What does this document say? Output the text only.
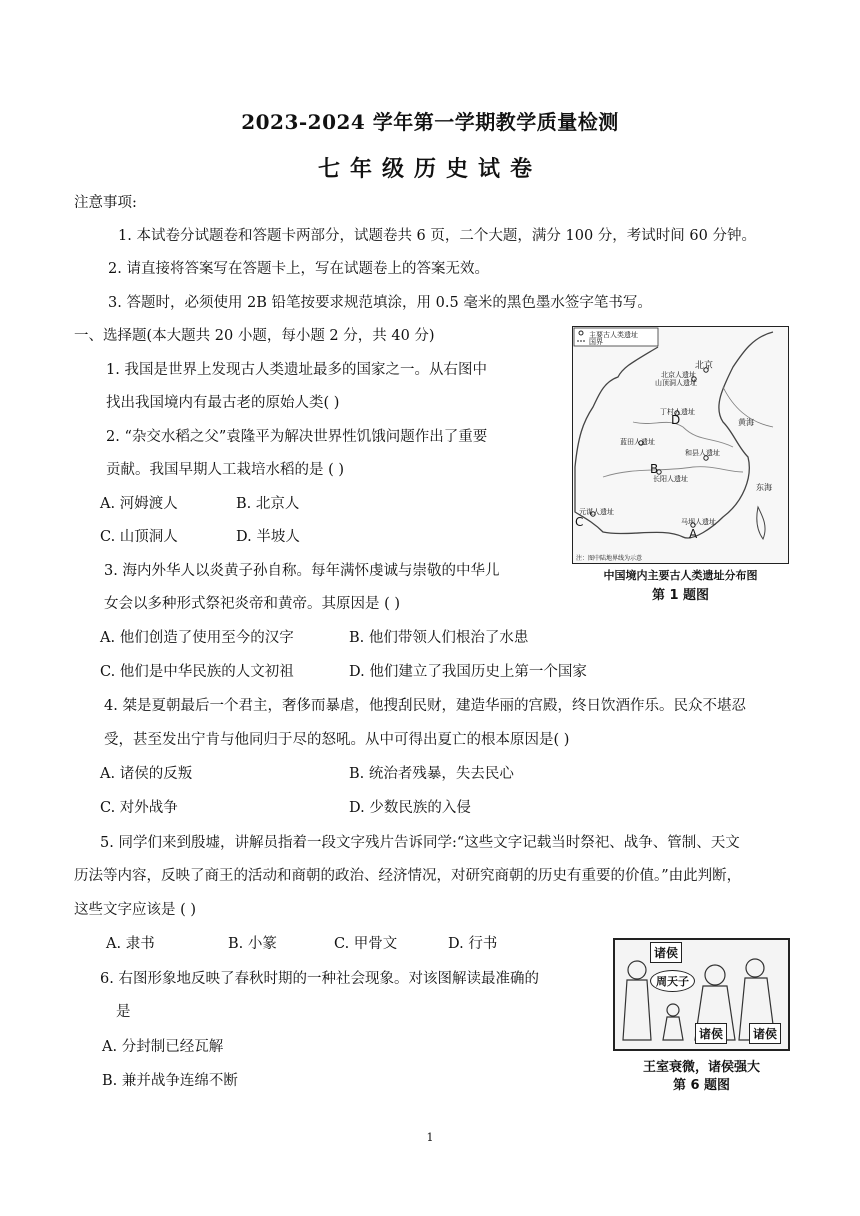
2023-2024 学年第一学期教学质量检测
七年级历史试卷
注意事项:
1. 本试卷分试题卷和答题卡两部分，试题卷共 6 页，二个大题，满分 100 分，考试时间 60 分钟。
2. 请直接将答案写在答题卡上，写在试题卷上的答案无效。
3. 答题时，必须使用 2B 铅笔按要求规范填涂，用 0.5 毫米的黑色墨水签字笔书写。
一、选择题(本大题共 20 小题，每小题 2 分，共 40 分)
1. 我国是世界上发现古人类遗址最多的国家之一。从右图中
找出我国境内有最古老的原始人类( )
2. “杂交水稻之父”袁隆平为解决世界性饥饿问题作出了重要
贡献。我国早期人工栽培水稻的是 ( )
A. 河姆渡人	B. 北京人
C. 山顶洞人	D. 半坡人
3. 海内外华人以炎黄子孙自称。每年满怀虔诚与崇敬的中华儿
女会以多种形式祭祀炎帝和黄帝。其原因是 ( )
A. 他们创造了使用至今的汉字	B. 他们带领人们根治了水患
C. 他们是中华民族的人文初祖	D. 他们建立了我国历史上第一个国家
4. 桀是夏朝最后一个君主，奢侈而暴虐，他搜刮民财，建造华丽的宫殿，终日饮酒作乐。民众不堪忍
受，甚至发出宁肯与他同归于尽的怒吼。从中可得出夏亡的根本原因是( )
A. 诸侯的反叛	B. 统治者残暴，失去民心
C. 对外战争	D. 少数民族的入侵
5. 同学们来到殷墟，讲解员指着一段文字残片告诉同学:“这些文字记载当时祭祀、战争、管制、天文
历法等内容，反映了商王的活动和商朝的政治、经济情况，对研究商朝的历史有重要的价值。”由此判断，
这些文字应该是 ( )
A. 隶书	B. 小篆	C. 甲骨文	D. 行书
6. 右图形象地反映了春秋时期的一种社会现象。对该图解读最准确的
是
A. 分封制已经瓦解
B. 兼并战争连绵不断
主要古人类遗址
国界
北京
北京人遗址
山顶洞人遗址
丁村人遗址
蓝田人遗址
和县人遗址
长阳人遗址
元谋人遗址
马坝人遗址
黄海
东海
A
B
C
D
注：图中陆地界线为示意
中国境内主要古人类遗址分布图
第 1 题图
诸侯
周天子
诸侯	诸侯
王室衰微，诸侯强大
第 6 题图
1
